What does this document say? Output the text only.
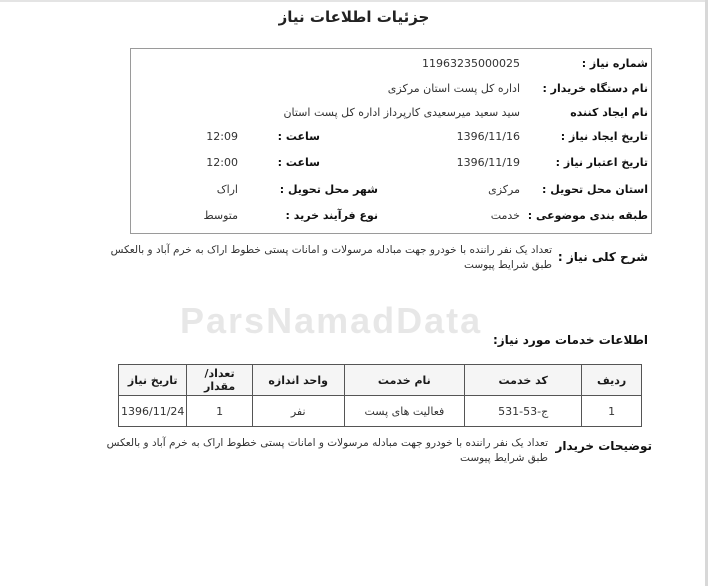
ParsNamadData
جزئیات اطلاعات نیاز
شماره نیاز :
11963235000025
نام دستگاه خریدار :
اداره کل پست استان مرکزی
نام ایجاد کننده
سید سعید میرسعیدی کارپرداز اداره کل پست استان
تاریخ ایجاد نیاز :
1396/11/16
ساعت :
12:09
تاریخ اعتبار نیاز :
1396/11/19
ساعت :
12:00
استان محل تحویل :
مرکزی
شهر محل تحویل :
اراک
طبقه بندی موضوعی :
خدمت
نوع فرآیند خرید :
متوسط
شرح کلی نیاز :
تعداد یک نفر راننده با خودرو جهت مبادله مرسولات و امانات پستی خطوط اراک به خرم آباد و بالعکس طبق شرایط پیوست
اطلاعات خدمات مورد نیاز:
ردیف	کد خدمت	نام خدمت	واحد اندازه	تعداد/ مقدار	تاریخ نیاز
1	ج-53-531	فعالیت های پست	نفر	1	1396/11/24
توضیحات خریدار
تعداد یک نفر راننده با خودرو جهت مبادله مرسولات و امانات پستی خطوط اراک به خرم آباد و بالعکس طبق شرایط پیوست
